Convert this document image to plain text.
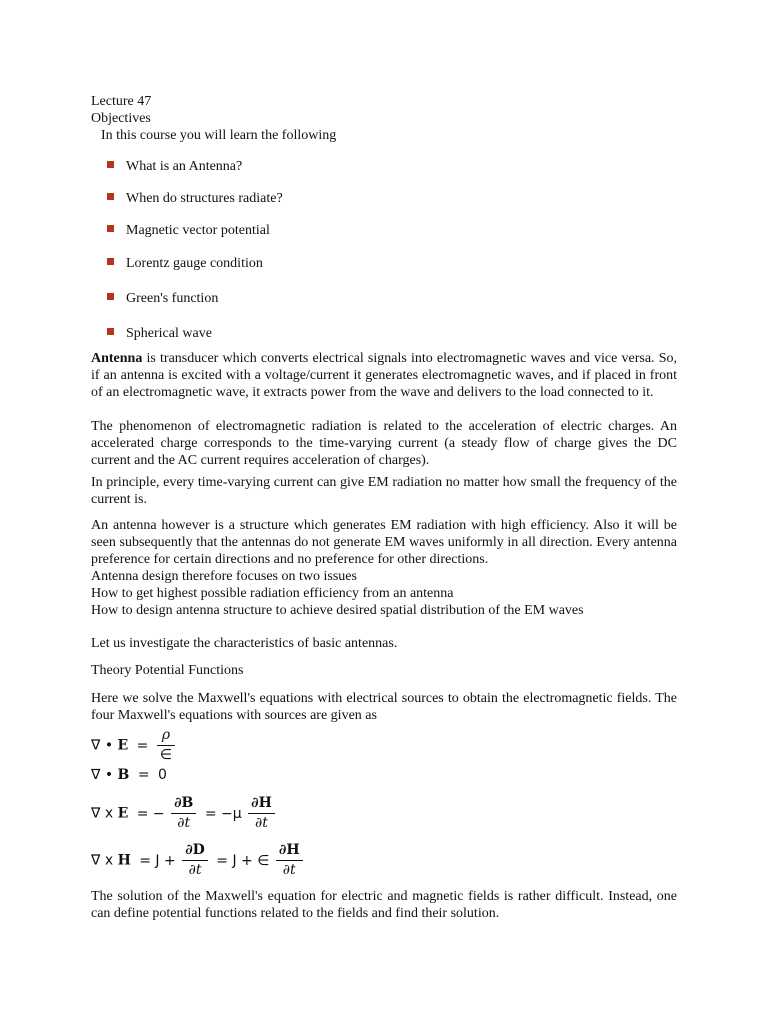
Lecture 47
Objectives
In this course you will learn the following
What is an Antenna?
When do structures radiate?
Magnetic vector potential
Lorentz gauge condition
Green's function
Spherical wave
Antenna is transducer which converts electrical signals into electromagnetic waves and vice versa. So, if an antenna is excited with a voltage/current it generates electromagnetic waves, and if placed in front of an electromagnetic wave, it extracts power from the wave and delivers to the load connected to it.
The phenomenon of electromagnetic radiation is related to the acceleration of electric charges. An accelerated charge corresponds to the time-varying current (a steady flow of charge gives the DC current and the AC current requires acceleration of charges).
In principle, every time-varying current can give EM radiation no matter how small the frequency of the current is.
An antenna however is a structure which generates EM radiation with high efficiency. Also it will be seen subsequently that the antennas do not generate EM waves uniformly in all direction. Every antenna preference for certain directions and no preference for other directions.
Antenna design therefore focuses on two issues
How to get highest possible radiation efficiency from an antenna
How to design antenna structure to achieve desired spatial distribution of the EM waves
Let us investigate the characteristics of basic antennas.
Theory Potential Functions
Here we solve the Maxwell's equations with electrical sources to obtain the electromagnetic fields. The four Maxwell's equations with sources are given as
∇ • $E = \frac{\rho}{\in}$
∇ • B = 0
∇ x E = − $\frac{\partial B}{\partial t} = -\mu \frac{\partial H}{\partial t}$
∇ x $H = J + \frac{\partial D}{\partial t} = J$ + ∈ $\frac{\partial H}{\partial t}$
The solution of the Maxwell's equation for electric and magnetic fields is rather difficult. Instead, one can define potential functions related to the fields and find their solution.
